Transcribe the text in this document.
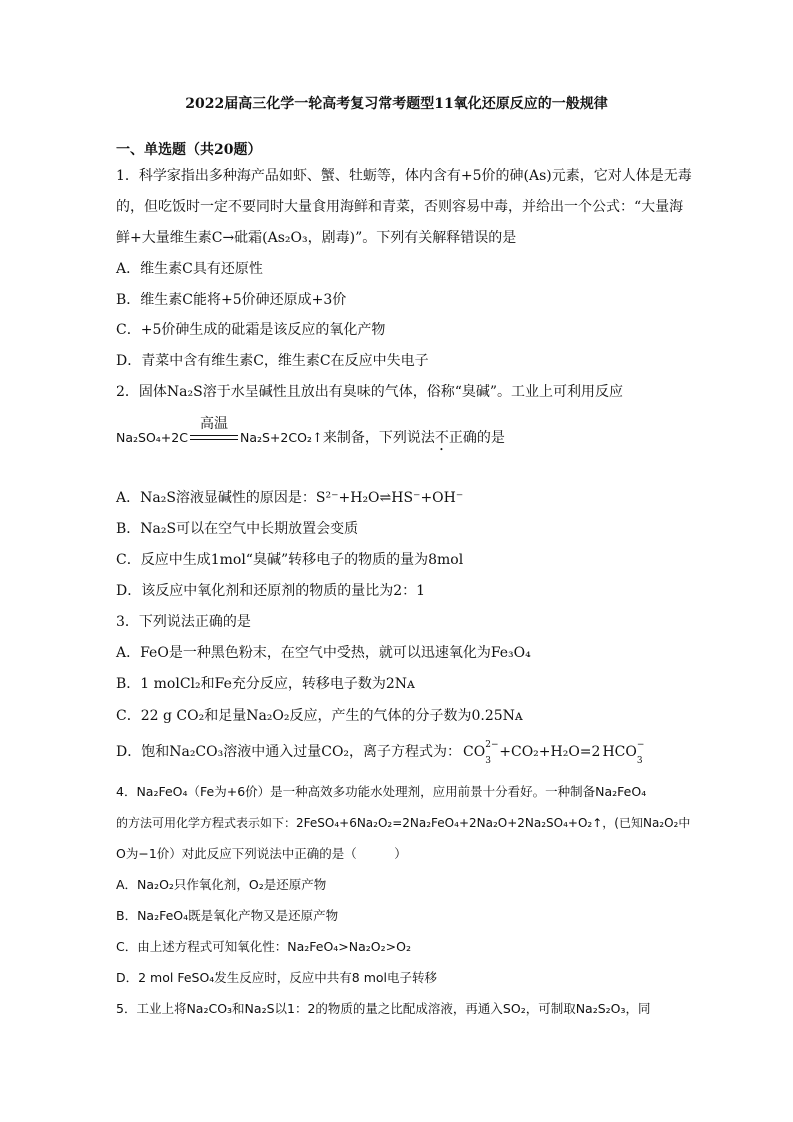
2022届高三化学一轮高考复习常考题型11氧化还原反应的一般规律
一、单选题（共20题）
1．科学家指出多种海产品如虾、蟹、牡蛎等，体内含有+5价的砷(As)元素，它对人体是无毒
的，但吃饭时一定不要同时大量食用海鲜和青菜，否则容易中毒，并给出一个公式：“大量海
鲜+大量维生素C→砒霜(As₂O₃，剧毒)”。下列有关解释错误的是
A．维生素C具有还原性
B．维生素C能将+5价砷还原成+3价
C．+5价砷生成的砒霜是该反应的氧化产物
D．青菜中含有维生素C，维生素C在反应中失电子
2．固体Na₂S溶于水呈碱性且放出有臭味的气体，俗称“臭碱”。工业上可利用反应
Na₂SO₄+2C
高温
Na₂S+2CO₂↑来制备，下列说法不正确的是
A．Na₂S溶液显碱性的原因是：S²⁻+H₂O⇌HS⁻+OH⁻
B．Na₂S可以在空气中长期放置会变质
C．反应中生成1mol“臭碱”转移电子的物质的量为8mol
D．该反应中氧化剂和还原剂的物质的量比为2：1
3．下列说法正确的是
A．FeO是一种黑色粉末，在空气中受热，就可以迅速氧化为Fe₃O₄
B．1 molCl₂和Fe充分反应，转移电子数为2Nᴀ
C．22 g CO₂和足量Na₂O₂反应，产生的气体的分子数为0.25Nᴀ
D．饱和Na₂CO₃溶液中通入过量CO₂，离子方程式为： CO 2−
3
+CO₂+H₂O=2 HCO −
3
4．Na₂FeO₄（Fe为+6价）是一种高效多功能水处理剂，应用前景十分看好。一种制备Na₂FeO₄
的方法可用化学方程式表示如下：2FeSO₄+6Na₂O₂=2Na₂FeO₄+2Na₂O+2Na₂SO₄+O₂↑，(已知Na₂O₂中
O为−1价）对此反应下列说法中正确的是（　　　）
A．Na₂O₂只作氧化剂，O₂是还原产物
B．Na₂FeO₄既是氧化产物又是还原产物
C．由上述方程式可知氧化性：Na₂FeO₄>Na₂O₂>O₂
D．2 mol FeSO₄发生反应时，反应中共有8 mol电子转移
5．工业上将Na₂CO₃和Na₂S以1：2的物质的量之比配成溶液，再通入SO₂，可制取Na₂S₂O₃，同
